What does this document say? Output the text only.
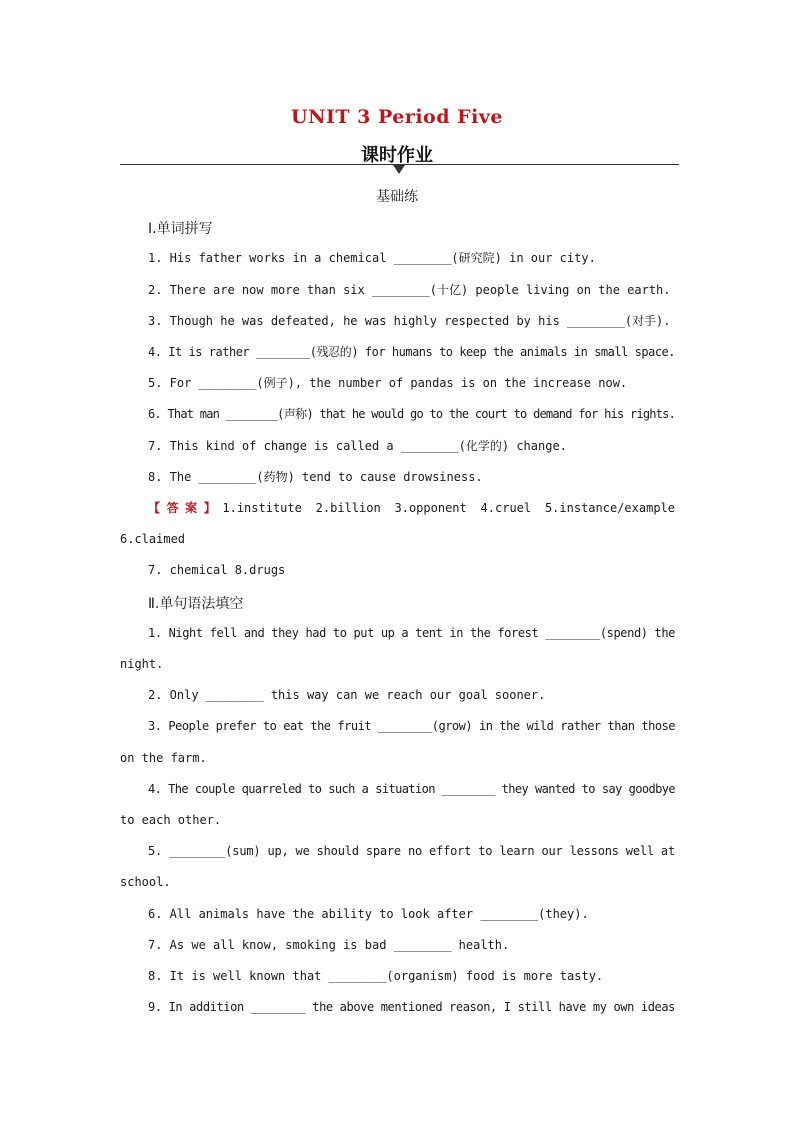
UNIT 3 Period Five
课时作业
基础练
Ⅰ.单词拼写
1. His father works in a chemical ________(研究院) in our city.
2. There are now more than six ________(十亿) people living on the earth.
3. Though he was defeated, he was highly respected by his ________(对手).
4. It is rather ________(残忍的) for humans to keep the animals in small space.
5. For ________(例子), the number of pandas is on the increase now.
6. That man ________(声称) that he would go to the court to demand for his rights.
7. This kind of change is called a ________(化学的) change.
8. The ________(药物) tend to cause drowsiness.
【答案】1.institute 2.billion 3.opponent 4.cruel 5.instance/example
6.claimed
7. chemical 8.drugs
Ⅱ.单句语法填空
1. Night fell and they had to put up a tent in the forest ________(spend) the
night.
2. Only ________ this way can we reach our goal sooner.
3. People prefer to eat the fruit ________(grow) in the wild rather than those
on the farm.
4. The couple quarreled to such a situation ________ they wanted to say goodbye
to each other.
5. ________(sum) up, we should spare no effort to learn our lessons well at
school.
6. All animals have the ability to look after ________(they).
7. As we all know, smoking is bad ________ health.
8. It is well known that ________(organism) food is more tasty.
9. In addition ________ the above mentioned reason, I still have my own ideas
